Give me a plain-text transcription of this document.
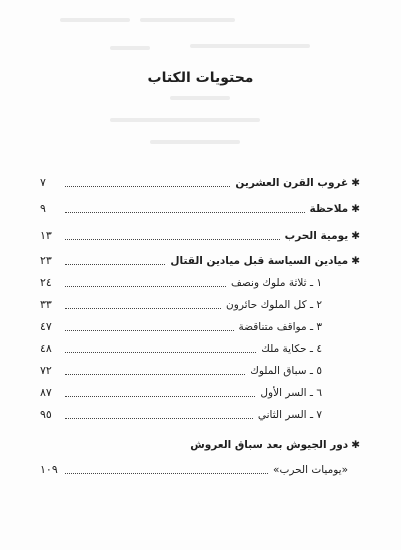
محتويات الكتاب
✱غروب القرن العشرين
٧
✱ملاحظة
٩
✱يومية الحرب
١٣
✱ميادين السياسة قبل ميادين القتال
٢٣
١ ـ ثلاثة ملوك ونصف
٢٤
٢ ـ كل الملوك حائرون
٣٣
٣ ـ مواقف متناقضة
٤٧
٤ ـ حكاية ملك
٤٨
٥ ـ سباق الملوك
٧٢
٦ ـ السر الأول
٨٧
٧ ـ السر الثاني
٩٥
✱دور الجيوش بعد سباق العروش
«يوميات الحرب»
١٠٩
